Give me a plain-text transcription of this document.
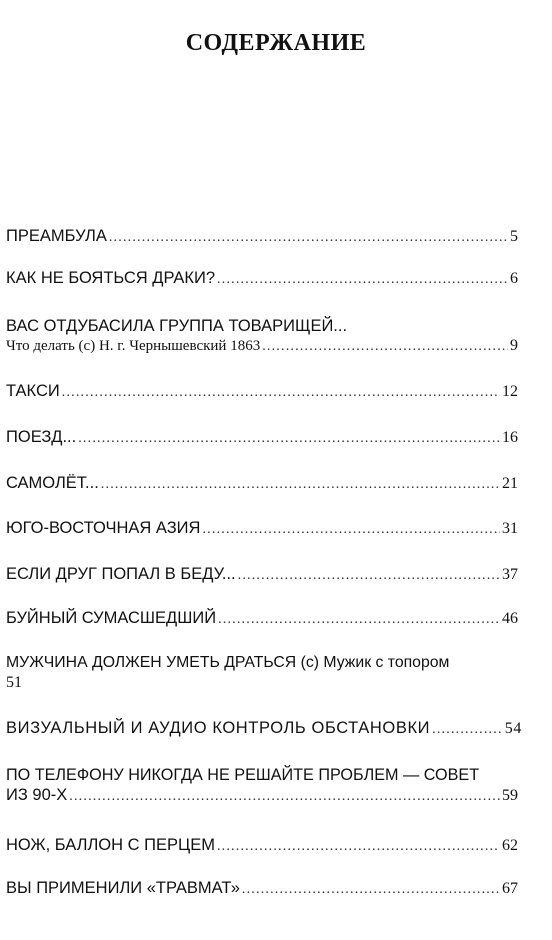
СОДЕРЖАНИЕ
ПРЕАМБУЛА .....	5
КАК НЕ БОЯТЬСЯ ДРАКИ? .....	6
ВАС ОТДУБАСИЛА ГРУППА ТОВАРИЩЕЙ...
Что делать (с) Н. г. Чернышевский 1863 .....	9
ТАКСИ .....	12
ПОЕЗД... .....	16
САМОЛЁТ... .....	21
ЮГО-ВОСТОЧНАЯ АЗИЯ .....	31
ЕСЛИ ДРУГ ПОПАЛ В БЕДУ... .....	37
БУЙНЫЙ СУМАСШЕДШИЙ .....	46
МУЖЧИНА ДОЛЖЕН УМЕТЬ ДРАТЬСЯ (с) Мужик с топором
51
ВИЗУАЛЬНЫЙ И АУДИО КОНТРОЛЬ ОБСТАНОВКИ .....	54
ПО ТЕЛЕФОНУ НИКОГДА НЕ РЕШАЙТЕ ПРОБЛЕМ — СОВЕТ
ИЗ 90-Х .....	59
НОЖ, БАЛЛОН С ПЕРЦЕМ .....	62
ВЫ ПРИМЕНИЛИ «ТРАВМАТ» .....	67
